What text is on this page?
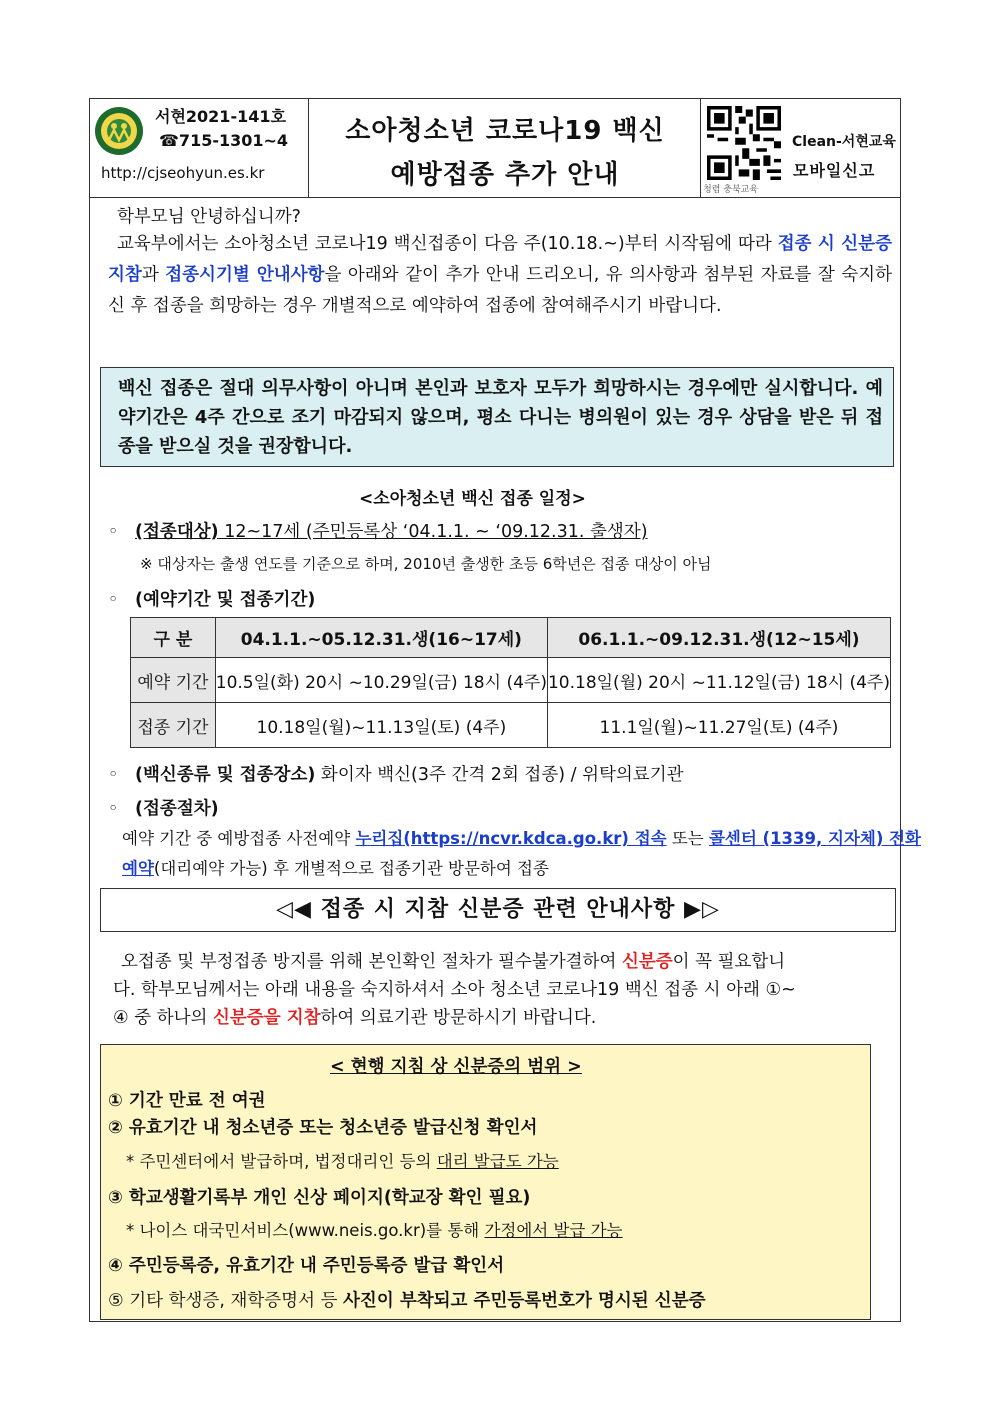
서현2021-141호
☎715-1301~4
http://cjseohyun.es.kr
소아청소년 코로나19 백신
예방접종 추가 안내	청렴 충북교육
Clean-서현교육
모바일신고
학부모님 안녕하십니까?
교육부에서는 소아청소년 코로나19 백신접종이 다음 주(10.18.~)부터 시작됨에 따라 접종 시 신분증 지참과 접종시기별 안내사항을 아래와 같이 추가 안내 드리오니, 유 의사항과 첨부된 자료를 잘 숙지하신 후 접종을 희망하는 경우 개별적으로 예약하여 접종에 참여해주시기 바랍니다.
백신 접종은 절대 의무사항이 아니며 본인과 보호자 모두가 희망하시는 경우에만 실시합니다. 예약기간은 4주 간으로 조기 마감되지 않으며, 평소 다니는 병의원이 있는 경우 상담을 받은 뒤 접종을 받으실 것을 권장합니다.
<소아청소년 백신 접종 일정>
◦ (접종대상) 12~17세 (주민등록상 ‘04.1.1. ~ ‘09.12.31. 출생자)
※ 대상자는 출생 연도를 기준으로 하며, 2010년 출생한 초등 6학년은 접종 대상이 아님
◦ (예약기간 및 접종기간)
구 분	04.1.1.~05.12.31.생(16~17세)	06.1.1.~09.12.31.생(12~15세)
예약 기간	10.5일(화) 20시 ~10.29일(금) 18시 (4주)	10.18일(월) 20시 ~11.12일(금) 18시 (4주)
접종 기간	10.18일(월)~11.13일(토) (4주)	11.1일(월)~11.27일(토) (4주)
◦ (백신종류 및 접종장소) 화이자 백신(3주 간격 2회 접종) / 위탁의료기관
◦ (접종절차)
예약 기간 중 예방접종 사전예약 누리집(https://ncvr.kdca.go.kr) 접속 또는 콜센터 (1339, 지자체) 전화
예약(대리예약 가능) 후 개별적으로 접종기관 방문하여 접종
◁◀ 접종 시 지참 신분증 관련 안내사항 ▶▷
오접종 및 부정접종 방지를 위해 본인확인 절차가 필수불가결하여 신분증이 꼭 필요합니
다. 학부모님께서는 아래 내용을 숙지하셔서 소아 청소년 코로나19 백신 접종 시 아래 ①~
④ 중 하나의 신분증을 지참하여 의료기관 방문하시기 바랍니다.
< 현행 지침 상 신분증의 범위 >
① 기간 만료 전 여권
② 유효기간 내 청소년증 또는 청소년증 발급신청 확인서
* 주민센터에서 발급하며, 법정대리인 등의 대리 발급도 가능
③ 학교생활기록부 개인 신상 페이지(학교장 확인 필요)
* 나이스 대국민서비스(www.neis.go.kr)를 통해 가정에서 발급 가능
④ 주민등록증, 유효기간 내 주민등록증 발급 확인서
⑤ 기타 학생증, 재학증명서 등 사진이 부착되고 주민등록번호가 명시된 신분증
